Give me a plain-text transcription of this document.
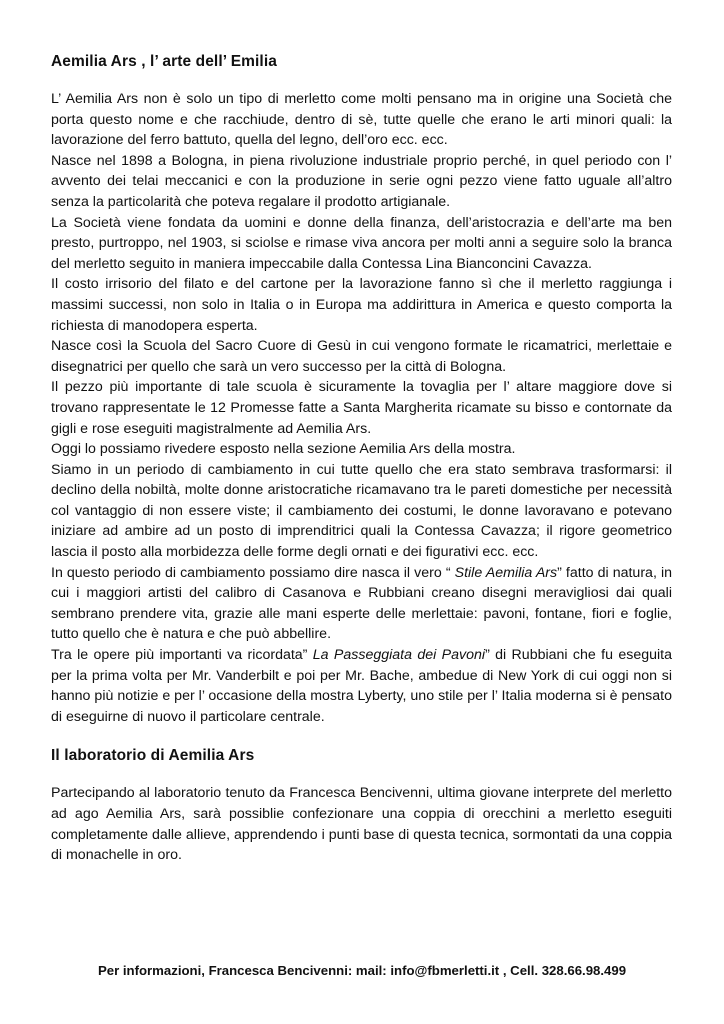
Aemilia Ars , l’ arte dell’ Emilia

L’ Aemilia Ars non è solo un tipo di merletto come molti pensano ma in origine una Società che porta questo nome e che racchiude, dentro di sè, tutte quelle che erano le arti minori quali: la lavorazione del ferro battuto, quella del legno, dell’oro ecc. ecc.

Nasce nel 1898 a Bologna, in piena rivoluzione industriale proprio perché, in quel periodo con l’ avvento dei telai meccanici e con la produzione in serie ogni pezzo viene fatto uguale all’altro senza la particolarità che poteva regalare il prodotto artigianale.

La Società viene fondata da uomini e donne della finanza, dell’aristocrazia e dell’arte ma ben presto, purtroppo, nel 1903, si sciolse e rimase viva ancora per molti anni a seguire solo la branca del merletto seguito in maniera impeccabile dalla Contessa Lina Bianconcini Cavazza.

Il costo irrisorio del filato e del cartone per la lavorazione fanno sì che il merletto raggiunga i massimi successi, non solo in Italia o in Europa ma addirittura in America e questo comporta la richiesta di manodopera esperta.

Nasce così la Scuola del Sacro Cuore di Gesù in cui vengono formate le ricamatrici, merlettaie e disegnatrici per quello che sarà un vero successo per la città di Bologna.

Il pezzo più importante di tale scuola è sicuramente la tovaglia per l’ altare maggiore dove si trovano rappresentate le 12 Promesse fatte a Santa Margherita ricamate su bisso e contornate da gigli e rose eseguiti magistralmente ad Aemilia Ars.

Oggi lo possiamo rivedere esposto nella sezione Aemilia Ars della mostra.

Siamo in un periodo di cambiamento in cui tutte quello che era stato sembrava trasformarsi: il declino della nobiltà, molte donne aristocratiche ricamavano tra le pareti domestiche per necessità col vantaggio di non essere viste; il cambiamento dei costumi, le donne lavoravano e potevano iniziare ad ambire ad un posto di imprenditrici quali la Contessa Cavazza; il rigore geometrico lascia il posto alla morbidezza delle forme degli ornati e dei figurativi ecc. ecc.

In questo periodo di cambiamento possiamo dire nasca il vero “ Stile Aemilia Ars” fatto di natura, in cui i maggiori artisti del calibro di Casanova e Rubbiani creano disegni meravigliosi dai quali sembrano prendere vita, grazie alle mani esperte delle merlettaie: pavoni, fontane, fiori e foglie, tutto quello che è natura e che può abbellire.

Tra le opere più importanti va ricordata” La Passeggiata dei Pavoni” di Rubbiani che fu eseguita per la prima volta per Mr. Vanderbilt e poi per Mr. Bache, ambedue di New York di cui oggi non si hanno più notizie e per l’ occasione della mostra Lyberty, uno stile per l’ Italia moderna si è pensato di eseguirne di nuovo il particolare centrale.

Il laboratorio di Aemilia Ars

Partecipando al laboratorio tenuto da Francesca Bencivenni, ultima giovane interprete del merletto ad ago Aemilia Ars, sarà possiblie confezionare una coppia di orecchini a merletto eseguiti completamente dalle allieve, apprendendo i punti base di questa tecnica, sormontati da una coppia di monachelle in oro.

Per informazioni, Francesca Bencivenni: mail: info@fbmerletti.it , Cell. 328.66.98.499
